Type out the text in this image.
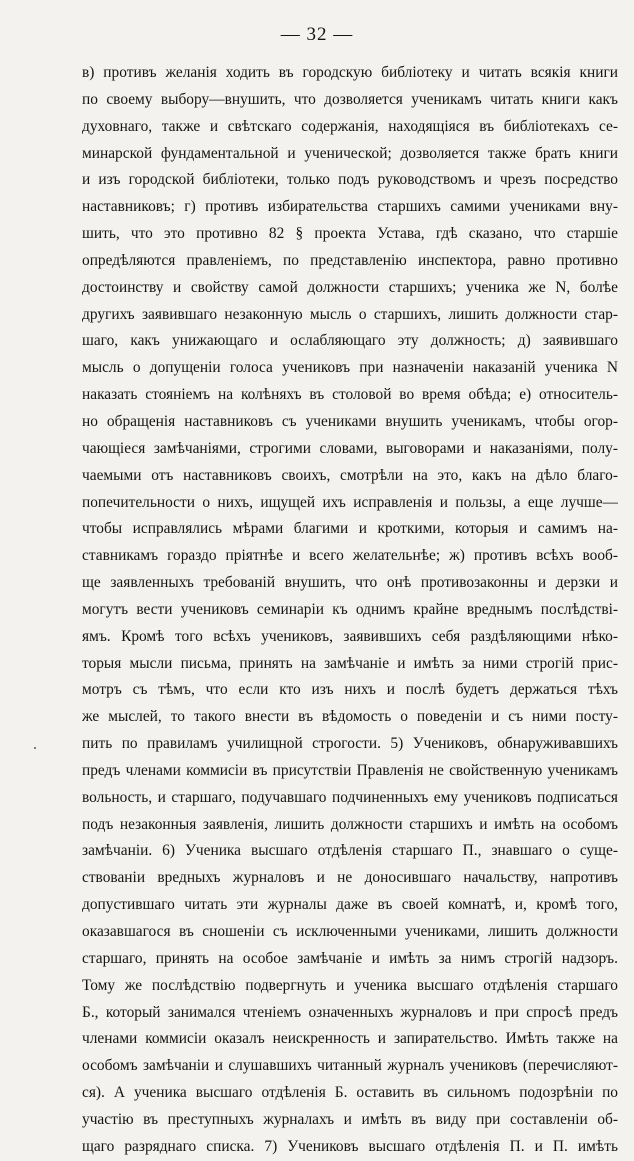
— 32 —
в) противъ желанія ходить въ городскую библіотеку и читать всякія книги
по своему выбору—внушить, что дозволяется ученикамъ читать книги какъ
духовнаго, также и свѣтскаго содержанія, находящіяся въ библіотекахъ се-
минарской фундаментальной и ученической; дозволяется также брать книги
и изъ городской библіотеки, только подъ руководствомъ и чрезъ посредство
наставниковъ; г) противъ избирательства старшихъ самими учениками вну-
шить, что это противно 82 § проекта Устава, гдѣ сказано, что старшіе
опредѣляются правленіемъ, по представленію инспектора, равно противно
достоинству и свойству самой должности старшихъ; ученика же N, болѣе
другихъ заявившаго незаконную мысль о старшихъ, лишить должности стар-
шаго, какъ унижающаго и ослабляющаго эту должность; д) заявившаго
мысль о допущеніи голоса учениковъ при назначеніи наказаній ученика N
наказать стояніемъ на колѣняхъ въ столовой во время обѣда; е) относитель-
но обращенія наставниковъ съ учениками внушить ученикамъ, чтобы огор-
чающіеся замѣчаніями, строгими словами, выговорами и наказаніями, полу-
чаемыми отъ наставниковъ своихъ, смотрѣли на это, какъ на дѣло благо-
попечительности о нихъ, ищущей ихъ исправленія и пользы, а еще лучше—
чтобы исправлялись мѣрами благими и кроткими, которыя и самимъ на-
ставникамъ гораздо пріятнѣе и всего желательнѣе; ж) противъ всѣхъ вооб-
ще заявленныхъ требованій внушить, что онѣ противозаконны и дерзки и
могутъ вести учениковъ семинаріи къ однимъ крайне вреднымъ послѣдстві-
ямъ. Кромѣ того всѣхъ учениковъ, заявившихъ себя раздѣляющими нѣко-
торыя мысли письма, принять на замѣчаніе и имѣть за ними строгій прис-
мотръ съ тѣмъ, что если кто изъ нихъ и послѣ будетъ держаться тѣхъ
же мыслей, то такого внести въ вѣдомость о поведеніи и съ ними посту-
пить по правиламъ училищной строгости. 5) Учениковъ, обнаруживавшихъ
предъ членами коммисіи въ присутствіи Правленія не свойственную ученикамъ
вольность, и старшаго, подучавшаго подчиненныхъ ему учениковъ подписаться
подъ незаконныя заявленія, лишить должности старшихъ и имѣть на особомъ
замѣчаніи. 6) Ученика высшаго отдѣленія старшаго П., знавшаго о суще-
ствованіи вредныхъ журналовъ и не доносившаго начальству, напротивъ
допустившаго читать эти журналы даже въ своей комнатѣ, и, кромѣ того,
оказавшагося въ сношеніи съ исключенными учениками, лишить должности
старшаго, принять на особое замѣчаніе и имѣть за нимъ строгій надзоръ.
Тому же послѣдствію подвергнуть и ученика высшаго отдѣленія старшаго
Б., который занимался чтеніемъ означенныхъ журналовъ и при спросѣ предъ
членами коммисіи оказалъ неискренность и запирательство. Имѣть также на
особомъ замѣчаніи и слушавшихъ читанный журналъ учениковъ (перечисляют-
ся). А ученика высшаго отдѣленія Б. оставить въ сильномъ подозрѣніи по
участію въ преступныхъ журналахъ и имѣть въ виду при составленіи об-
щаго разряднаго списка. 7) Учениковъ высшаго отдѣленія П. и П. имѣть
